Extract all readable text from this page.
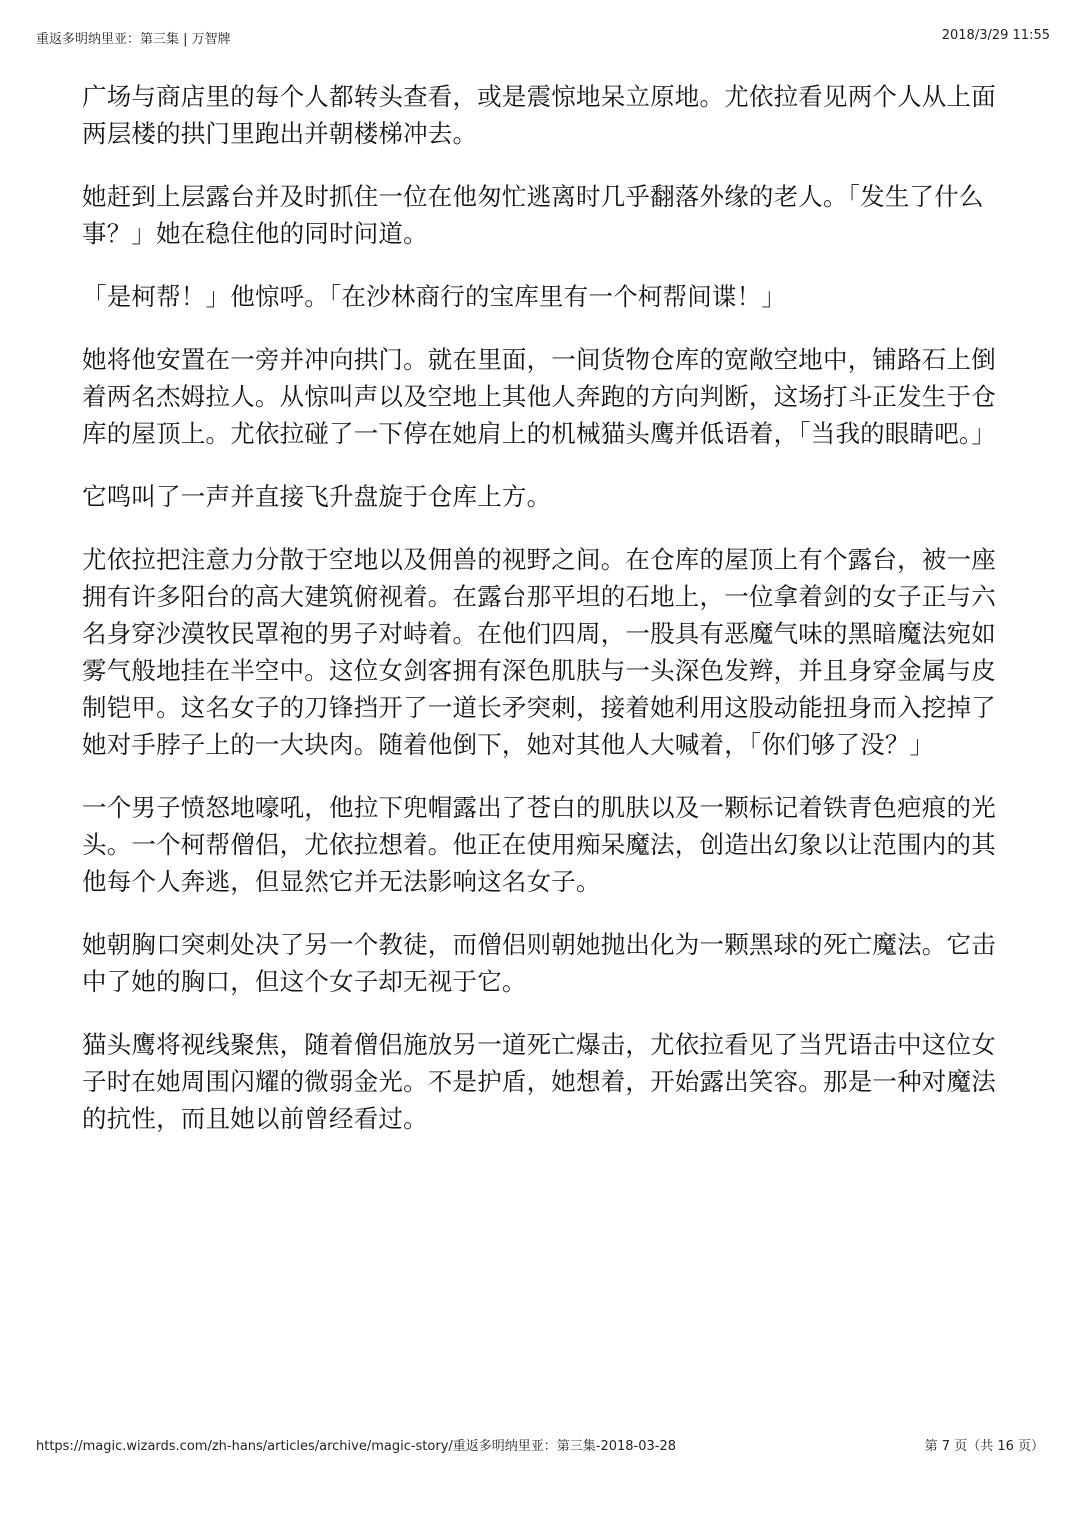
重返多明纳里亚：第三集 | 万智牌	2018/3/29 11:55

广场与商店里的每个人都转头查看，或是震惊地呆立原地。尤依拉看见两个人从上面两层楼的拱门里跑出并朝楼梯冲去。

她赶到上层露台并及时抓住一位在他匆忙逃离时几乎翻落外缘的老人。「发生了什么事？」她在稳住他的同时问道。

「是柯帮！」他惊呼。「在沙林商行的宝库里有一个柯帮间谍！」

她将他安置在一旁并冲向拱门。就在里面，一间货物仓库的宽敞空地中，铺路石上倒着两名杰姆拉人。从惊叫声以及空地上其他人奔跑的方向判断，这场打斗正发生于仓库的屋顶上。尤依拉碰了一下停在她肩上的机械猫头鹰并低语着，「当我的眼睛吧。」

它鸣叫了一声并直接飞升盘旋于仓库上方。

尤依拉把注意力分散于空地以及佣兽的视野之间。在仓库的屋顶上有个露台，被一座拥有许多阳台的高大建筑俯视着。在露台那平坦的石地上，一位拿着剑的女子正与六名身穿沙漠牧民罩袍的男子对峙着。在他们四周，一股具有恶魔气味的黑暗魔法宛如雾气般地挂在半空中。这位女剑客拥有深色肌肤与一头深色发辫，并且身穿金属与皮制铠甲。这名女子的刀锋挡开了一道长矛突刺，接着她利用这股动能扭身而入挖掉了她对手脖子上的一大块肉。随着他倒下，她对其他人大喊着，「你们够了没？」

一个男子愤怒地嚎吼，他拉下兜帽露出了苍白的肌肤以及一颗标记着铁青色疤痕的光头。一个柯帮僧侣，尤依拉想着。他正在使用痴呆魔法，创造出幻象以让范围内的其他每个人奔逃，但显然它并无法影响这名女子。

她朝胸口突刺处决了另一个教徒，而僧侣则朝她抛出化为一颗黑球的死亡魔法。它击中了她的胸口，但这个女子却无视于它。

猫头鹰将视线聚焦，随着僧侣施放另一道死亡爆击，尤依拉看见了当咒语击中这位女子时在她周围闪耀的微弱金光。不是护盾，她想着，开始露出笑容。那是一种对魔法的抗性，而且她以前曾经看过。

https://magic.wizards.com/zh-hans/articles/archive/magic-story/重返多明纳里亚：第三集-2018-03-28	第 7 页（共 16 页）
